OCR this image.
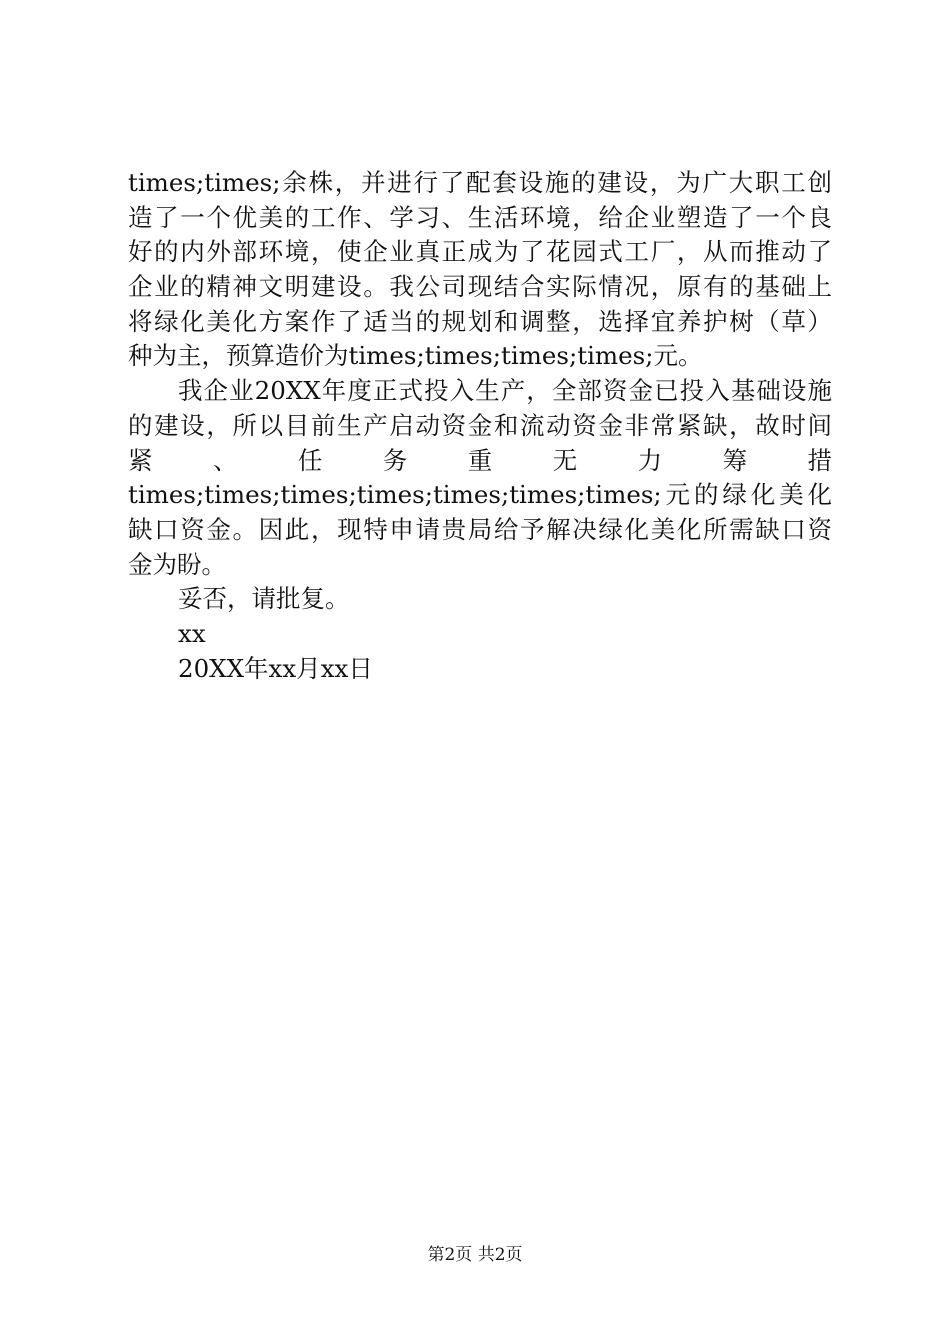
times;times;余株，并进行了配套设施的建设，为广大职工创
造了一个优美的工作、学习、生活环境，给企业塑造了一个良
好的内外部环境，使企业真正成为了花园式工厂，从而推动了
企业的精神文明建设。我公司现结合实际情况，原有的基础上
将绿化美化方案作了适当的规划和调整，选择宜养护树（草）
种为主，预算造价为times;times;times;times;元。
我企业20XX年度正式投入生产，全部资金已投入基础设施
的建设，所以目前生产启动资金和流动资金非常紧缺，故时间
紧 、 任 务 重 无 力 筹 措
times;times;times;times;times;times;times;元的绿化美化
缺口资金。因此，现特申请贵局给予解决绿化美化所需缺口资
金为盼。
妥否，请批复。
xx
20XX年xx月xx日
第2页 共2页
